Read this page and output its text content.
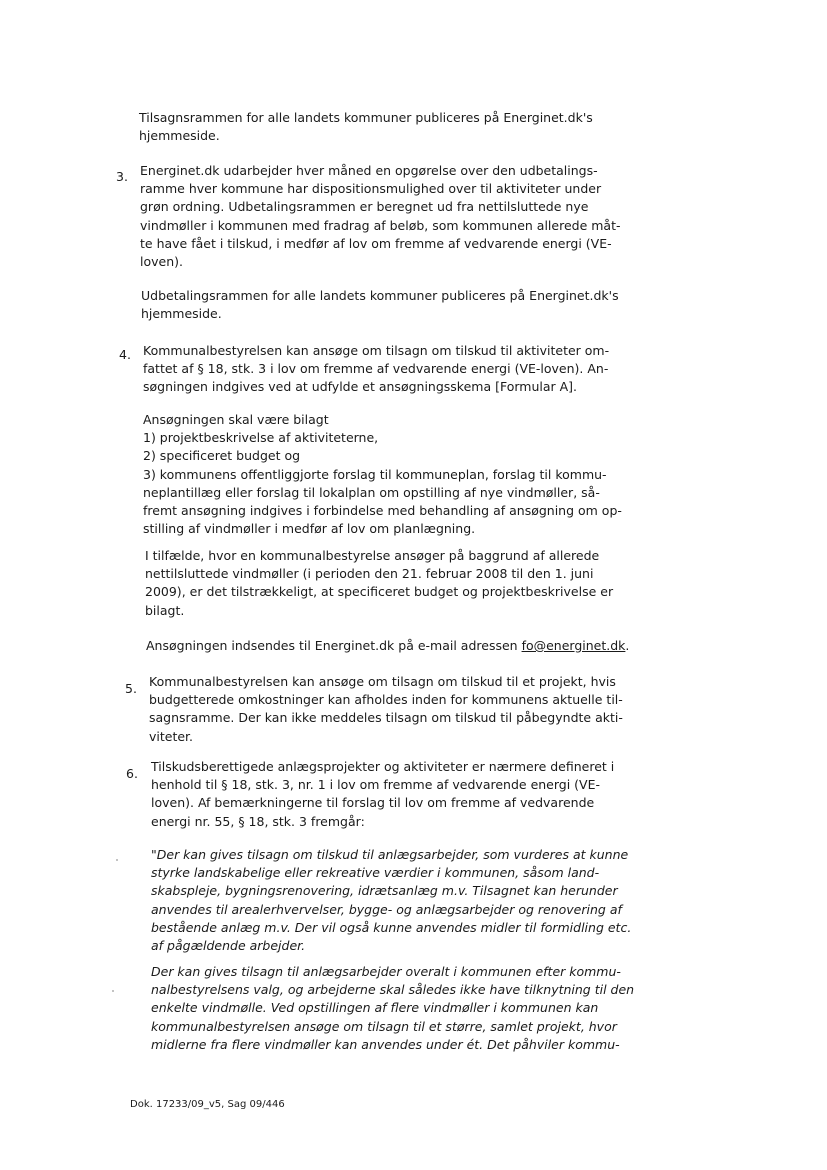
Tilsagnsrammen for alle landets kommuner publiceres på Energinet.dk's
hjemmeside.
3. Energinet.dk udarbejder hver måned en opgørelse over den udbetalings-
ramme hver kommune har dispositionsmulighed over til aktiviteter under
grøn ordning. Udbetalingsrammen er beregnet ud fra nettilsluttede nye
vindmøller i kommunen med fradrag af beløb, som kommunen allerede måt-
te have fået i tilskud, i medfør af lov om fremme af vedvarende energi (VE-
loven).
Udbetalingsrammen for alle landets kommuner publiceres på Energinet.dk's
hjemmeside.
4. Kommunalbestyrelsen kan ansøge om tilsagn om tilskud til aktiviteter om-
fattet af § 18, stk. 3 i lov om fremme af vedvarende energi (VE-loven). An-
søgningen indgives ved at udfylde et ansøgningsskema [Formular A].
Ansøgningen skal være bilagt
1) projektbeskrivelse af aktiviteterne,
2) specificeret budget og
3) kommunens offentliggjorte forslag til kommuneplan, forslag til kommu-
neplantillæg eller forslag til lokalplan om opstilling af nye vindmøller, så-
fremt ansøgning indgives i forbindelse med behandling af ansøgning om op-
stilling af vindmøller i medfør af lov om planlægning.
I tilfælde, hvor en kommunalbestyrelse ansøger på baggrund af allerede
nettilsluttede vindmøller (i perioden den 21. februar 2008 til den 1. juni
2009), er det tilstrækkeligt, at specificeret budget og projektbeskrivelse er
bilagt.
Ansøgningen indsendes til Energinet.dk på e-mail adressen fo@energinet.dk.
5. Kommunalbestyrelsen kan ansøge om tilsagn om tilskud til et projekt, hvis
budgetterede omkostninger kan afholdes inden for kommunens aktuelle til-
sagnsramme. Der kan ikke meddeles tilsagn om tilskud til påbegyndte akti-
viteter.
6. Tilskudsberettigede anlægsprojekter og aktiviteter er nærmere defineret i
henhold til § 18, stk. 3, nr. 1 i lov om fremme af vedvarende energi (VE-
loven). Af bemærkningerne til forslag til lov om fremme af vedvarende
energi nr. 55, § 18, stk. 3 fremgår:
"Der kan gives tilsagn om tilskud til anlægsarbejder, som vurderes at kunne
styrke landskabelige eller rekreative værdier i kommunen, såsom land-
skabspleje, bygningsrenovering, idrætsanlæg m.v. Tilsagnet kan herunder
anvendes til arealerhvervelser, bygge- og anlægsarbejder og renovering af
bestående anlæg m.v. Der vil også kunne anvendes midler til formidling etc.
af pågældende arbejder.
Der kan gives tilsagn til anlægsarbejder overalt i kommunen efter kommu-
nalbestyrelsens valg, og arbejderne skal således ikke have tilknytning til den
enkelte vindmølle. Ved opstillingen af flere vindmøller i kommunen kan
kommunalbestyrelsen ansøge om tilsagn til et større, samlet projekt, hvor
midlerne fra flere vindmøller kan anvendes under ét. Det påhviler kommu-
Dok. 17233/09_v5, Sag 09/446
